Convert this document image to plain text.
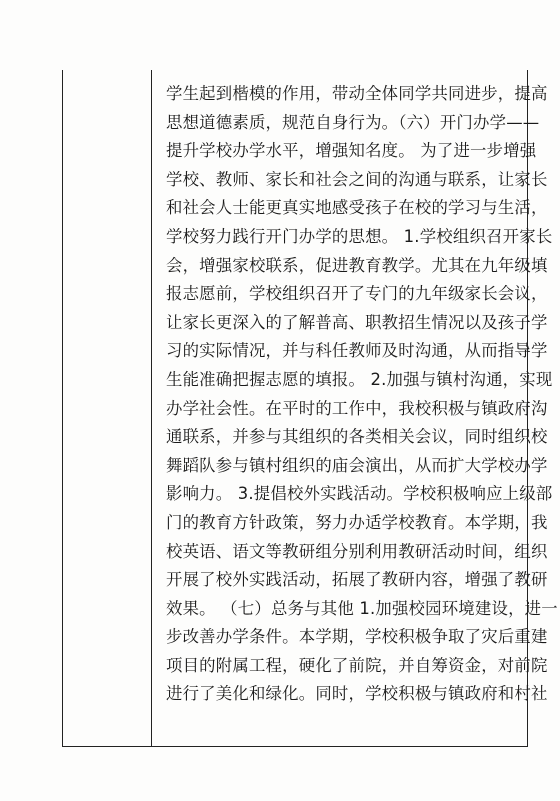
学生起到楷模的作用，带动全体同学共同进步，提高
思想道德素质，规范自身行为。（六）开门办学——
提升学校办学水平，增强知名度。 为了进一步增强
学校、教师、家长和社会之间的沟通与联系，让家长
和社会人士能更真实地感受孩子在校的学习与生活，
学校努力践行开门办学的思想。 1.学校组织召开家长
会，增强家校联系，促进教育教学。尤其在九年级填
报志愿前，学校组织召开了专门的九年级家长会议，
让家长更深入的了解普高、职教招生情况以及孩子学
习的实际情况，并与科任教师及时沟通，从而指导学
生能准确把握志愿的填报。 2.加强与镇村沟通，实现
办学社会性。在平时的工作中，我校积极与镇政府沟
通联系，并参与其组织的各类相关会议，同时组织校
舞蹈队参与镇村组织的庙会演出，从而扩大学校办学
影响力。 3.提倡校外实践活动。学校积极响应上级部
门的教育方针政策，努力办适学校教育。本学期，我
校英语、语文等教研组分别利用教研活动时间，组织
开展了校外实践活动，拓展了教研内容，增强了教研
效果。 （七）总务与其他 1.加强校园环境建设，进一
步改善办学条件。本学期，学校积极争取了灾后重建
项目的附属工程，硬化了前院，并自筹资金，对前院
进行了美化和绿化。同时，学校积极与镇政府和村社
